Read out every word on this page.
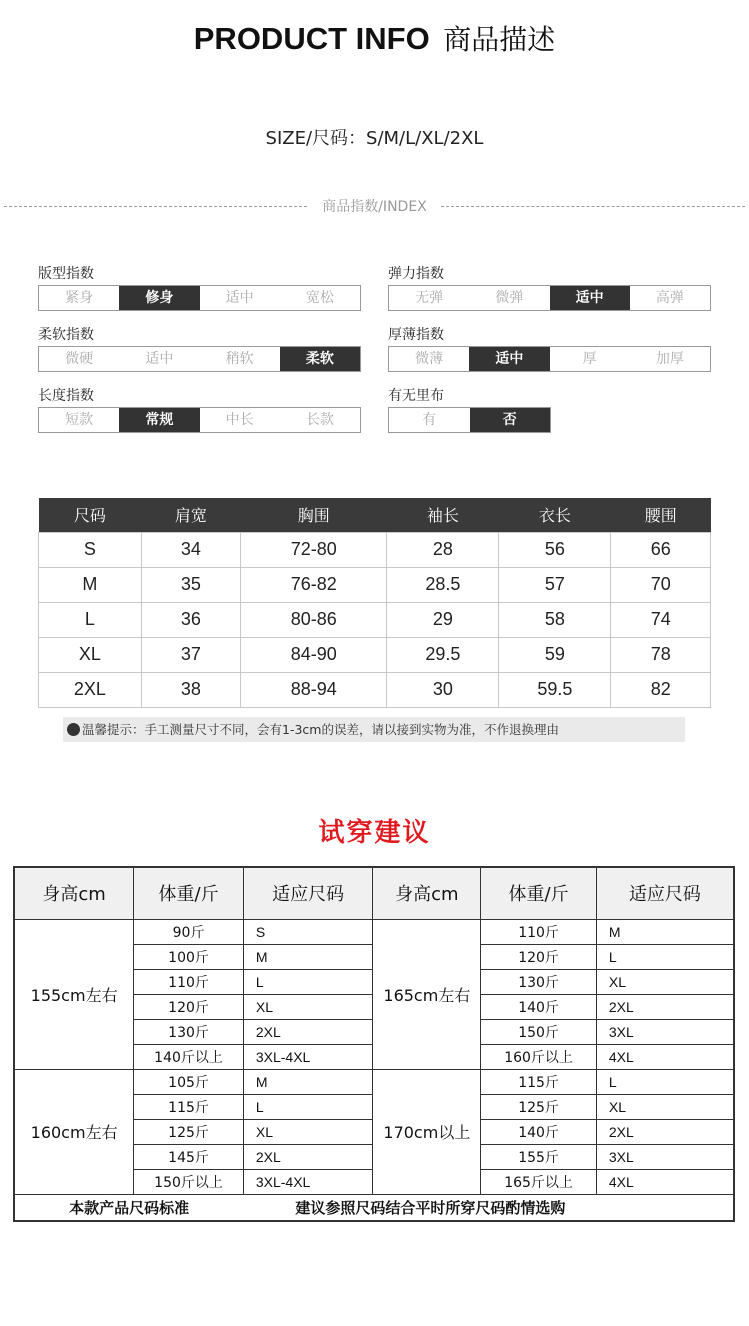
PRODUCT INFO 商品描述
SIZE/尺码：S/M/L/XL/2XL
商品指数/INDEX
版型指数
紧身	修身	适中	宽松
弹力指数
无弹	微弹	适中	高弹
柔软指数
微硬	适中	稍软	柔软
厚薄指数
微薄	适中	厚	加厚
长度指数
短款	常规	中长	长款
有无里布
有	否
尺码	肩宽	胸围	袖长	衣长	腰围
S	34	72-80	28	56	66
M	35	76-82	28.5	57	70
L	36	80-86	29	58	74
XL	37	84-90	29.5	59	78
2XL	38	88-94	30	59.5	82
温馨提示：手工测量尺寸不同，会有1-3cm的误差，请以接到实物为准，不作退换理由
试穿建议
身高cm	体重/斤	适应尺码	身高cm	体重/斤	适应尺码
155cm左右	90斤	S	165cm左右	110斤	M
	100斤	M		120斤	L
	110斤	L		130斤	XL
	120斤	XL		140斤	2XL
	130斤	2XL		150斤	3XL
	140斤以上	3XL-4XL		160斤以上	4XL
160cm左右	105斤	M	170cm以上	115斤	L
	115斤	L		125斤	XL
	125斤	XL		140斤	2XL
	145斤	2XL		155斤	3XL
	150斤以上	3XL-4XL		165斤以上	4XL
本款产品尺码标准		建议参照尺码结合平时所穿尺码酌情选购			
